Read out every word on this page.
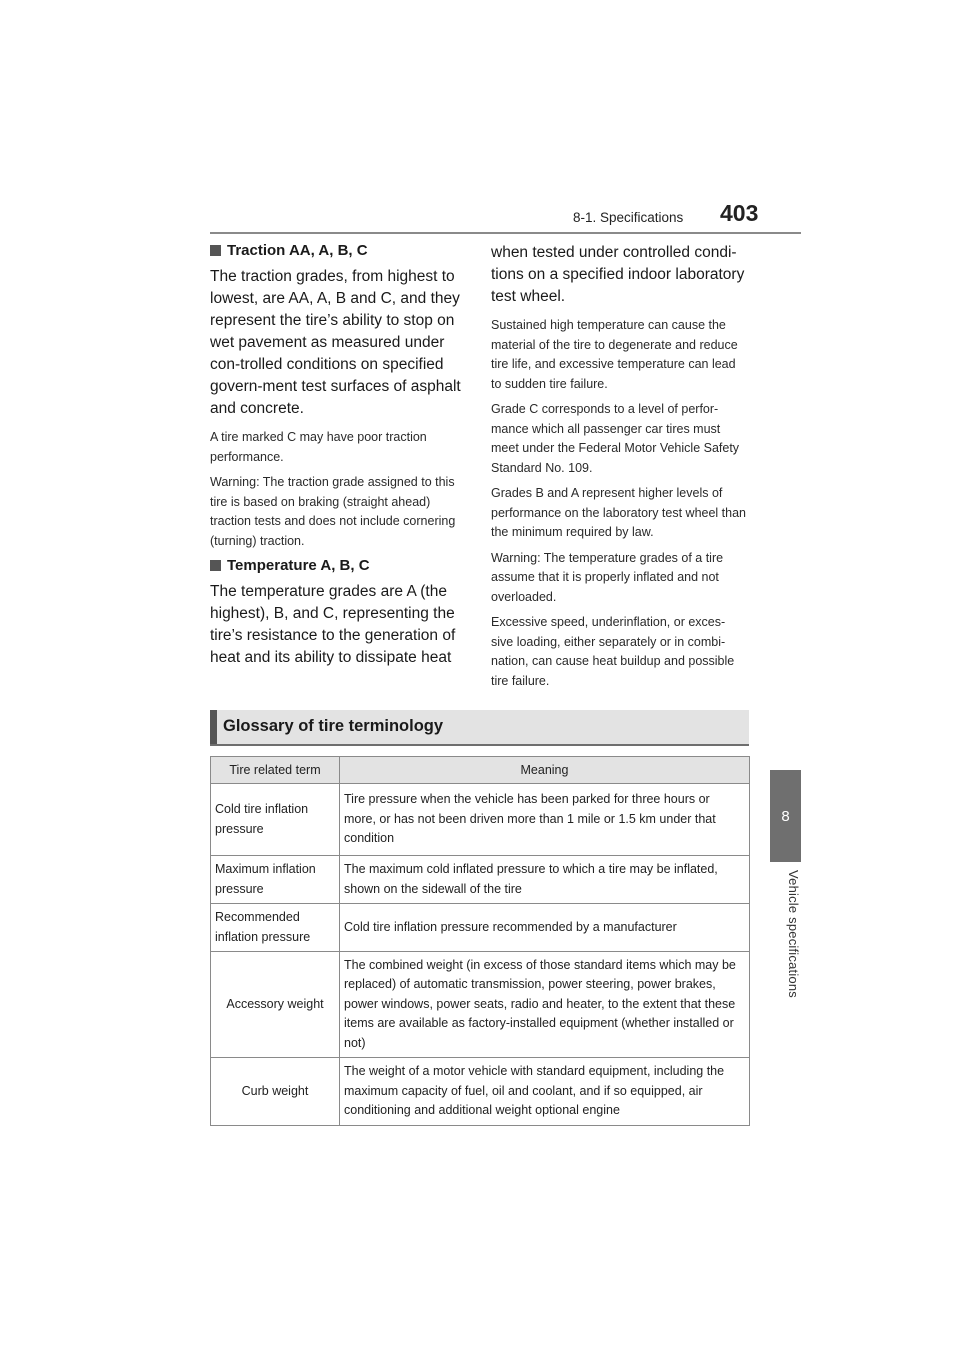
8-1. Specifications 403
8
Vehicle specifications
Traction AA, A, B, C

The traction grades, from highest to lowest, are AA, A, B and C, and they represent the tire’s ability to stop on wet pavement as measured under con-trolled conditions on specified govern-ment test surfaces of asphalt and concrete.

A tire marked C may have poor traction performance.

Warning: The traction grade assigned to this tire is based on braking (straight ahead) traction tests and does not include cornering (turning) traction.

Temperature A, B, C

The temperature grades are A (the highest), B, and C, representing the tire’s resistance to the generation of heat and its ability to dissipate heat

when tested under controlled condi-tions on a specified indoor laboratory test wheel.

Sustained high temperature can cause the material of the tire to degenerate and reduce tire life, and excessive temperature can lead to sudden tire failure.

Grade C corresponds to a level of perfor-mance which all passenger car tires must meet under the Federal Motor Vehicle Safety Standard No. 109.

Grades B and A represent higher levels of performance on the laboratory test wheel than the minimum required by law.

Warning: The temperature grades of a tire assume that it is properly inflated and not overloaded.

Excessive speed, underinflation, or exces-sive loading, either separately or in combi-nation, can cause heat buildup and possible tire failure.

Glossary of tire terminology
Tire related term	Meaning
Cold tire inflation pressure	Tire pressure when the vehicle has been parked for three hours or more, or has not been driven more than 1 mile or 1.5 km under that condition
Maximum inflation pressure	The maximum cold inflated pressure to which a tire may be inflated, shown on the sidewall of the tire
Recommended inflation pressure	Cold tire inflation pressure recommended by a manufacturer
Accessory weight	The combined weight (in excess of those standard items which may be replaced) of automatic transmission, power steering, power brakes, power windows, power seats, radio and heater, to the extent that these items are available as factory-installed equipment (whether installed or not)
Curb weight	The weight of a motor vehicle with standard equipment, including the maximum capacity of fuel, oil and coolant, and if so equipped, air conditioning and additional weight optional engine
